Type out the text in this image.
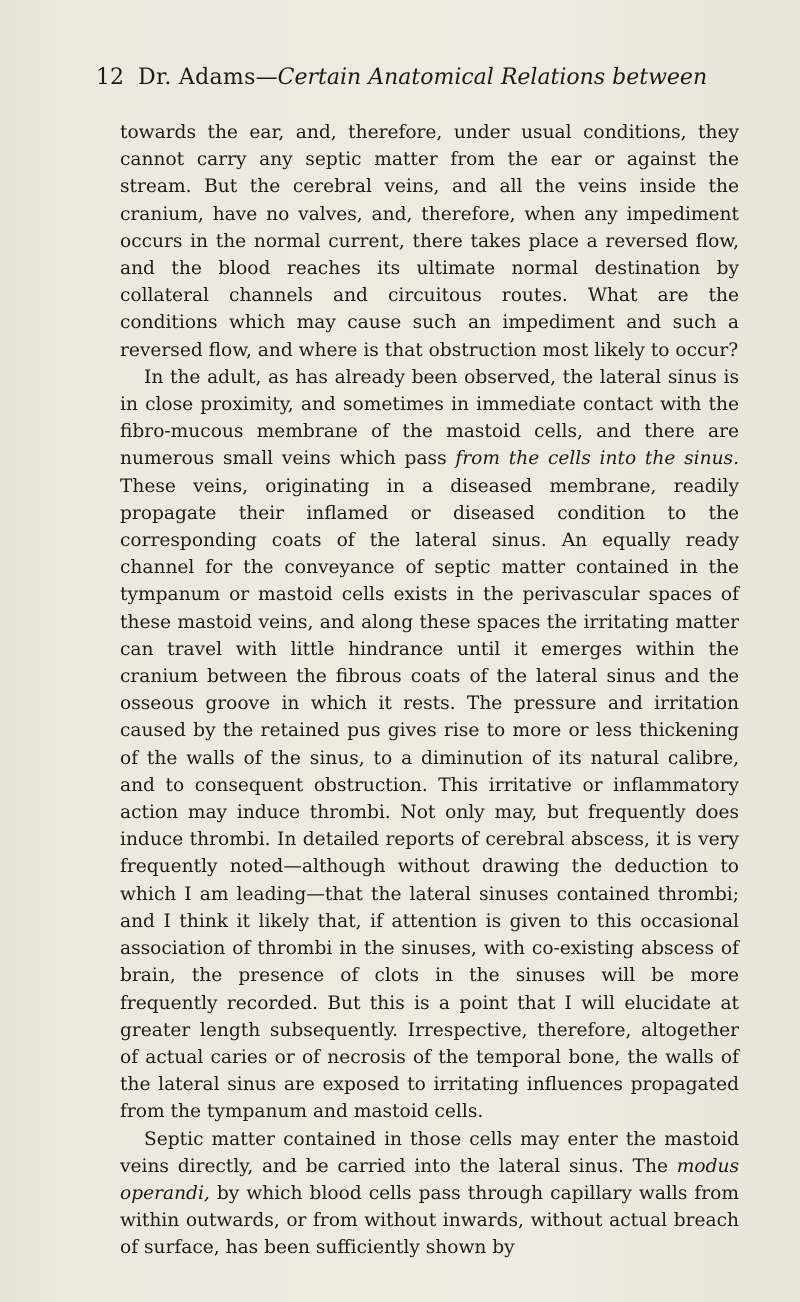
12 Dr. Adams—Certain Anatomical Relations between

towards the ear, and, therefore, under usual conditions, they cannot carry any septic matter from the ear or against the stream. But the cerebral veins, and all the veins inside the cranium, have no valves, and, therefore, when any impediment occurs in the normal current, there takes place a reversed flow, and the blood reaches its ultimate normal destination by collateral channels and circuitous routes. What are the conditions which may cause such an impediment and such a reversed flow, and where is that obstruction most likely to occur?

In the adult, as has already been observed, the lateral sinus is in close proximity, and sometimes in immediate contact with the fibro-mucous membrane of the mastoid cells, and there are numerous small veins which pass from the cells into the sinus. These veins, originating in a diseased membrane, readily propagate their inflamed or diseased condition to the corresponding coats of the lateral sinus. An equally ready channel for the conveyance of septic matter contained in the tympanum or mastoid cells exists in the perivascular spaces of these mastoid veins, and along these spaces the irritating matter can travel with little hindrance until it emerges within the cranium between the fibrous coats of the lateral sinus and the osseous groove in which it rests. The pressure and irritation caused by the retained pus gives rise to more or less thickening of the walls of the sinus, to a diminution of its natural calibre, and to consequent obstruction. This irritative or inflammatory action may induce thrombi. Not only may, but frequently does induce thrombi. In detailed reports of cerebral abscess, it is very frequently noted—although without drawing the deduction to which I am leading—that the lateral sinuses contained thrombi; and I think it likely that, if attention is given to this occasional association of thrombi in the sinuses, with co-existing abscess of brain, the presence of clots in the sinuses will be more frequently recorded. But this is a point that I will elucidate at greater length subsequently. Irrespective, therefore, altogether of actual caries or of necrosis of the temporal bone, the walls of the lateral sinus are exposed to irritating influences propagated from the tympanum and mastoid cells.

Septic matter contained in those cells may enter the mastoid veins directly, and be carried into the lateral sinus. The modus operandi, by which blood cells pass through capillary walls from within outwards, or from without inwards, without actual breach of surface, has been sufficiently shown by
